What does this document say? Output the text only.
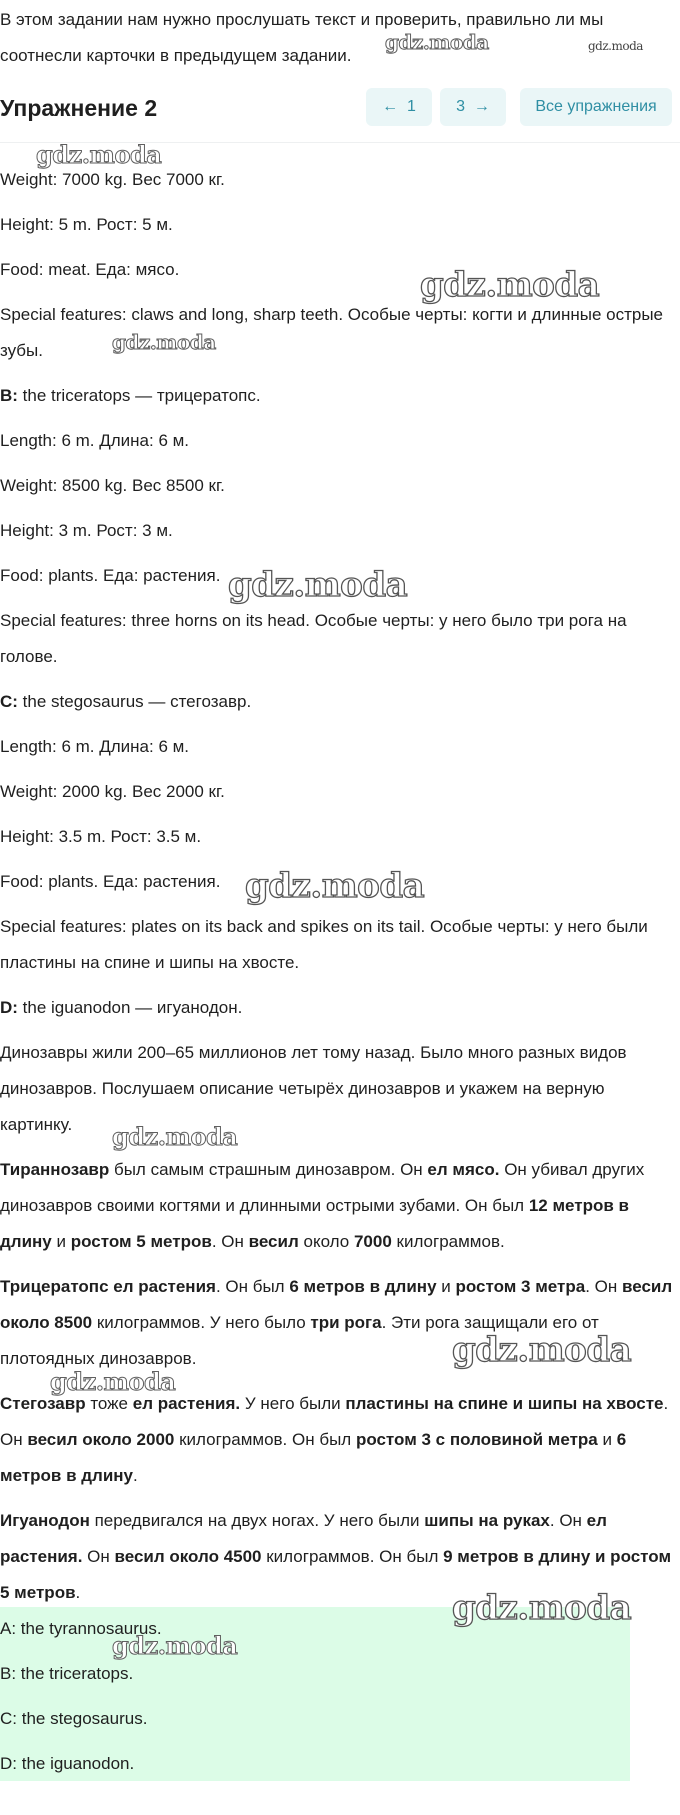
В этом задании нам нужно прослушать текст и проверить, правильно ли мы

соотнесли карточки в предыдущем задании.

Упражнение 2	← 1	3 →	Все упражнения

Weight: 7000 kg. Вес 7000 кг.

Height: 5 m. Рост: 5 м.

Food: meat. Еда: мясо.

Special features: claws and long, sharp teeth. Особые черты: когти и длинные острые зубы.

B: the triceratops — трицератопс.

Length: 6 m. Длина: 6 м.

Weight: 8500 kg. Вес 8500 кг.

Height: 3 m. Рост: 3 м.

Food: plants. Еда: растения.

Special features: three horns on its head. Особые черты: у него было три рога на голове.

C: the stegosaurus — стегозавр.

Length: 6 m. Длина: 6 м.

Weight: 2000 kg. Вес 2000 кг.

Height: 3.5 m. Рост: 3.5 м.

Food: plants. Еда: растения.

Special features: plates on its back and spikes on its tail. Особые черты: у него были пластины на спине и шипы на хвосте.

D: the iguanodon — игуанодон.

Динозавры жили 200–65 миллионов лет тому назад. Было много разных видов динозавров. Послушаем описание четырёх динозавров и укажем на верную картинку.

Тираннозавр был самым страшным динозавром. Он ел мясо. Он убивал других динозавров своими когтями и длинными острыми зубами. Он был 12 метров в длину и ростом 5 метров. Он весил около 7000 килограммов.

Трицератопс ел растения. Он был 6 метров в длину и ростом 3 метра. Он весил около 8500 килограммов. У него было три рога. Эти рога защищали его от плотоядных динозавров.

Стегозавр тоже ел растения. У него были пластины на спине и шипы на хвосте. Он весил около 2000 килограммов. Он был ростом 3 с половиной метра и 6 метров в длину.

Игуанодон передвигался на двух ногах. У него были шипы на руках. Он ел растения. Он весил около 4500 килограммов. Он был 9 метров в длину и ростом 5 метров.

A: the tyrannosaurus.

B: the triceratops.

C: the stegosaurus.

D: the iguanodon.

gdz.moda	gdz.moda
gdz.moda
gdz.moda
gdz.moda
gdz.moda
gdz.moda
gdz.moda
gdz.moda
gdz.moda
gdz.moda
gdz.moda
